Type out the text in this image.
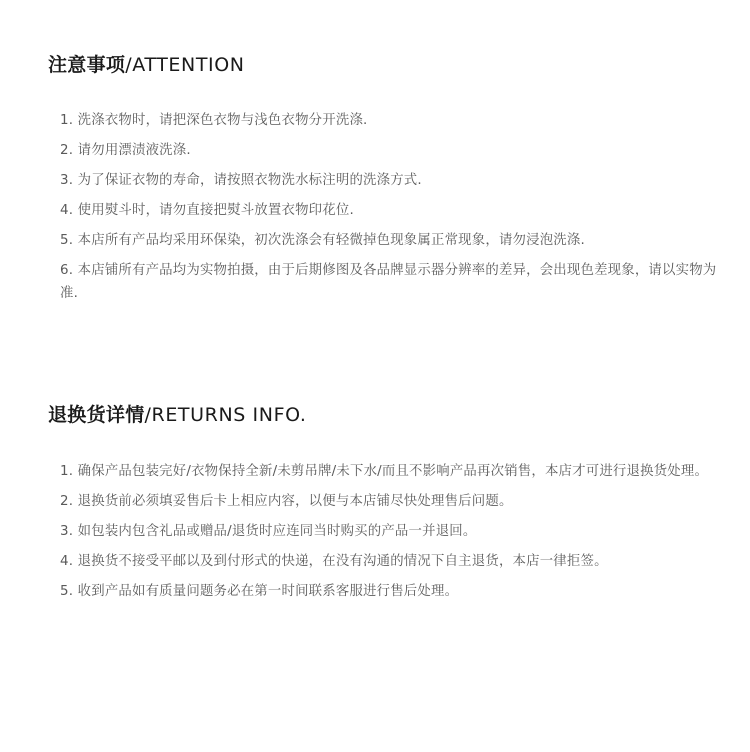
注意事项/ATTENTION
1. 洗涤衣物时，请把深色衣物与浅色衣物分开洗涤.
2. 请勿用漂渍液洗涤.
3. 为了保证衣物的寿命，请按照衣物洗水标注明的洗涤方式.
4. 使用熨斗时，请勿直接把熨斗放置衣物印花位.
5. 本店所有产品均采用环保染，初次洗涤会有轻微掉色现象属正常现象，请勿浸泡洗涤.
6. 本店铺所有产品均为实物拍摄，由于后期修图及各品牌显示器分辨率的差异，会出现色差现象，请以实物为准.
退换货详情/RETURNS INFO.
1. 确保产品包装完好/衣物保持全新/未剪吊牌/未下水/而且不影响产品再次销售，本店才可进行退换货处理。
2. 退换货前必须填妥售后卡上相应内容，以便与本店铺尽快处理售后问题。
3. 如包装内包含礼品或赠品/退货时应连同当时购买的产品一并退回。
4. 退换货不接受平邮以及到付形式的快递，在没有沟通的情况下自主退货，本店一律拒签。
5. 收到产品如有质量问题务必在第一时间联系客服进行售后处理。
